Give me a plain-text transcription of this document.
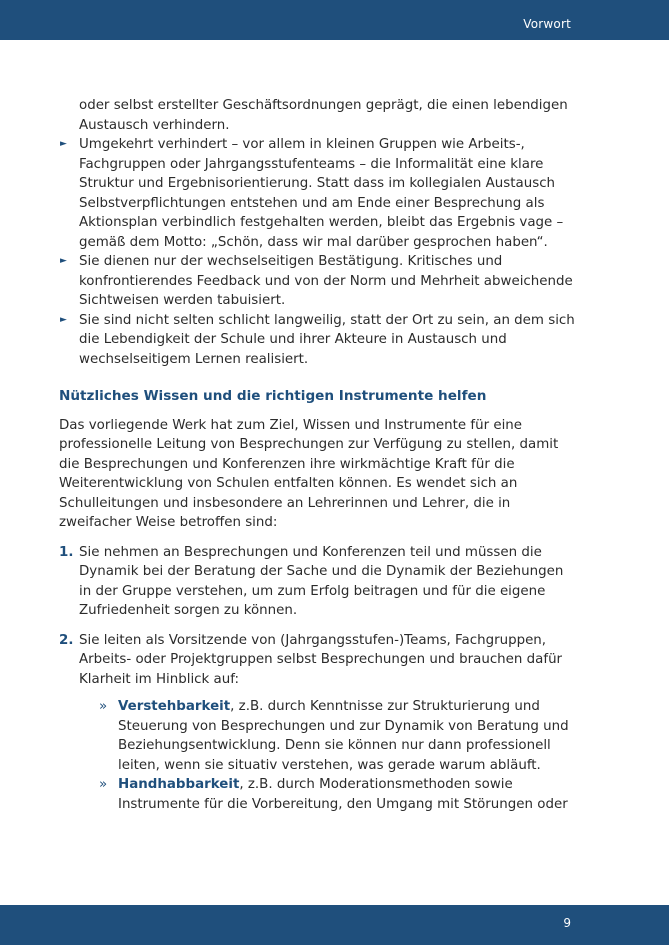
Vorwort

oder selbst erstellter Geschäftsordnungen geprägt, die einen lebendigen Austausch verhindern.

► Umgekehrt verhindert – vor allem in kleinen Gruppen wie Arbeits-, Fachgruppen oder Jahrgangsstufenteams – die Informalität eine klare Struktur und Ergebnisorientierung. Statt dass im kollegialen Austausch Selbstverpflichtungen entstehen und am Ende einer Besprechung als Aktionsplan verbindlich festgehalten werden, bleibt das Ergebnis vage – gemäß dem Motto: „Schön, dass wir mal darüber gesprochen haben“.
► Sie dienen nur der wechselseitigen Bestätigung. Kritisches und konfrontierendes Feedback und von der Norm und Mehrheit abweichende Sichtweisen werden tabuisiert.
► Sie sind nicht selten schlicht langweilig, statt der Ort zu sein, an dem sich die Lebendigkeit der Schule und ihrer Akteure in Austausch und wechselseitigem Lernen realisiert.
Nützliches Wissen und die richtigen Instrumente helfen

Das vorliegende Werk hat zum Ziel, Wissen und Instrumente für eine professionelle Leitung von Besprechungen zur Verfügung zu stellen, damit die Besprechungen und Konferenzen ihre wirkmächtige Kraft für die Weiterentwicklung von Schulen entfalten können. Es wendet sich an Schulleitungen und insbesondere an Lehrerinnen und Lehrer, die in zweifacher Weise betroffen sind:

1. Sie nehmen an Besprechungen und Konferenzen teil und müssen die Dynamik bei der Beratung der Sache und die Dynamik der Beziehungen in der Gruppe verstehen, um zum Erfolg beitragen und für die eigene Zufriedenheit sorgen zu können.
2. Sie leiten als Vorsitzende von (Jahrgangsstufen-)Teams, Fachgruppen, Arbeits- oder Projektgruppen selbst Besprechungen und brauchen dafür Klarheit im Hinblick auf:
» Verstehbarkeit, z.B. durch Kenntnisse zur Strukturierung und Steuerung von Besprechungen und zur Dynamik von Beratung und Beziehungsentwicklung. Denn sie können nur dann professionell leiten, wenn sie situativ verstehen, was gerade warum abläuft.
» Handhabbarkeit, z.B. durch Moderationsmethoden sowie Instrumente für die Vorbereitung, den Umgang mit Störungen oder
9
